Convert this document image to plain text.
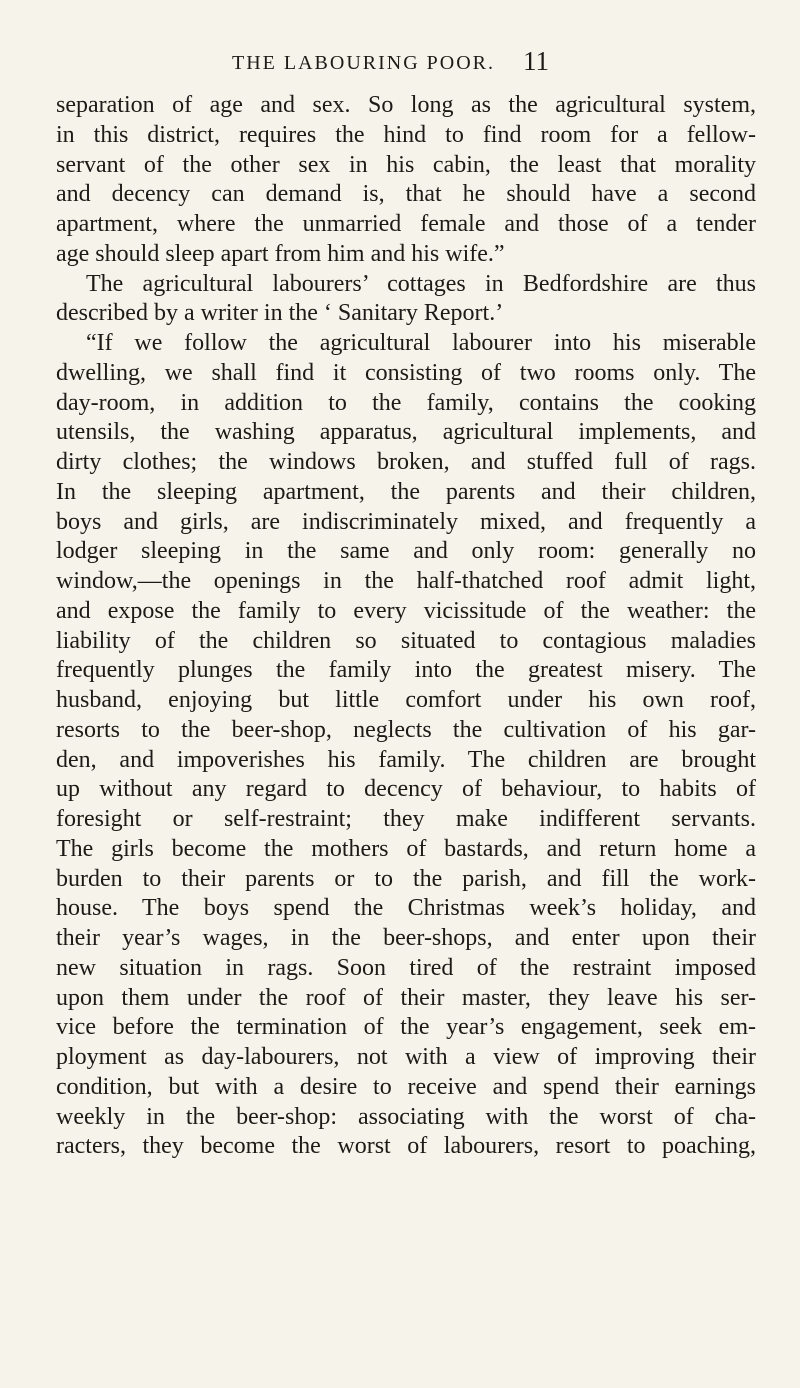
THE LABOURING POOR. 11
separation of age and sex. So long as the agricultural system,
in this district, requires the hind to find room for a fellow-
servant of the other sex in his cabin, the least that morality
and decency can demand is, that he should have a second
apartment, where the unmarried female and those of a tender
age should sleep apart from him and his wife.”
The agricultural labourers’ cottages in Bedfordshire are thus
described by a writer in the ‘ Sanitary Report.’
“If we follow the agricultural labourer into his miserable
dwelling, we shall find it consisting of two rooms only. The
day-room, in addition to the family, contains the cooking
utensils, the washing apparatus, agricultural implements, and
dirty clothes; the windows broken, and stuffed full of rags.
In the sleeping apartment, the parents and their children,
boys and girls, are indiscriminately mixed, and frequently a
lodger sleeping in the same and only room: generally no
window,—the openings in the half-thatched roof admit light,
and expose the family to every vicissitude of the weather: the
liability of the children so situated to contagious maladies
frequently plunges the family into the greatest misery. The
husband, enjoying but little comfort under his own roof,
resorts to the beer-shop, neglects the cultivation of his gar-
den, and impoverishes his family. The children are brought
up without any regard to decency of behaviour, to habits of
foresight or self-restraint; they make indifferent servants.
The girls become the mothers of bastards, and return home a
burden to their parents or to the parish, and fill the work-
house. The boys spend the Christmas week’s holiday, and
their year’s wages, in the beer-shops, and enter upon their
new situation in rags. Soon tired of the restraint imposed
upon them under the roof of their master, they leave his ser-
vice before the termination of the year’s engagement, seek em-
ployment as day-labourers, not with a view of improving their
condition, but with a desire to receive and spend their earnings
weekly in the beer-shop: associating with the worst of cha-
racters, they become the worst of labourers, resort to poaching,
